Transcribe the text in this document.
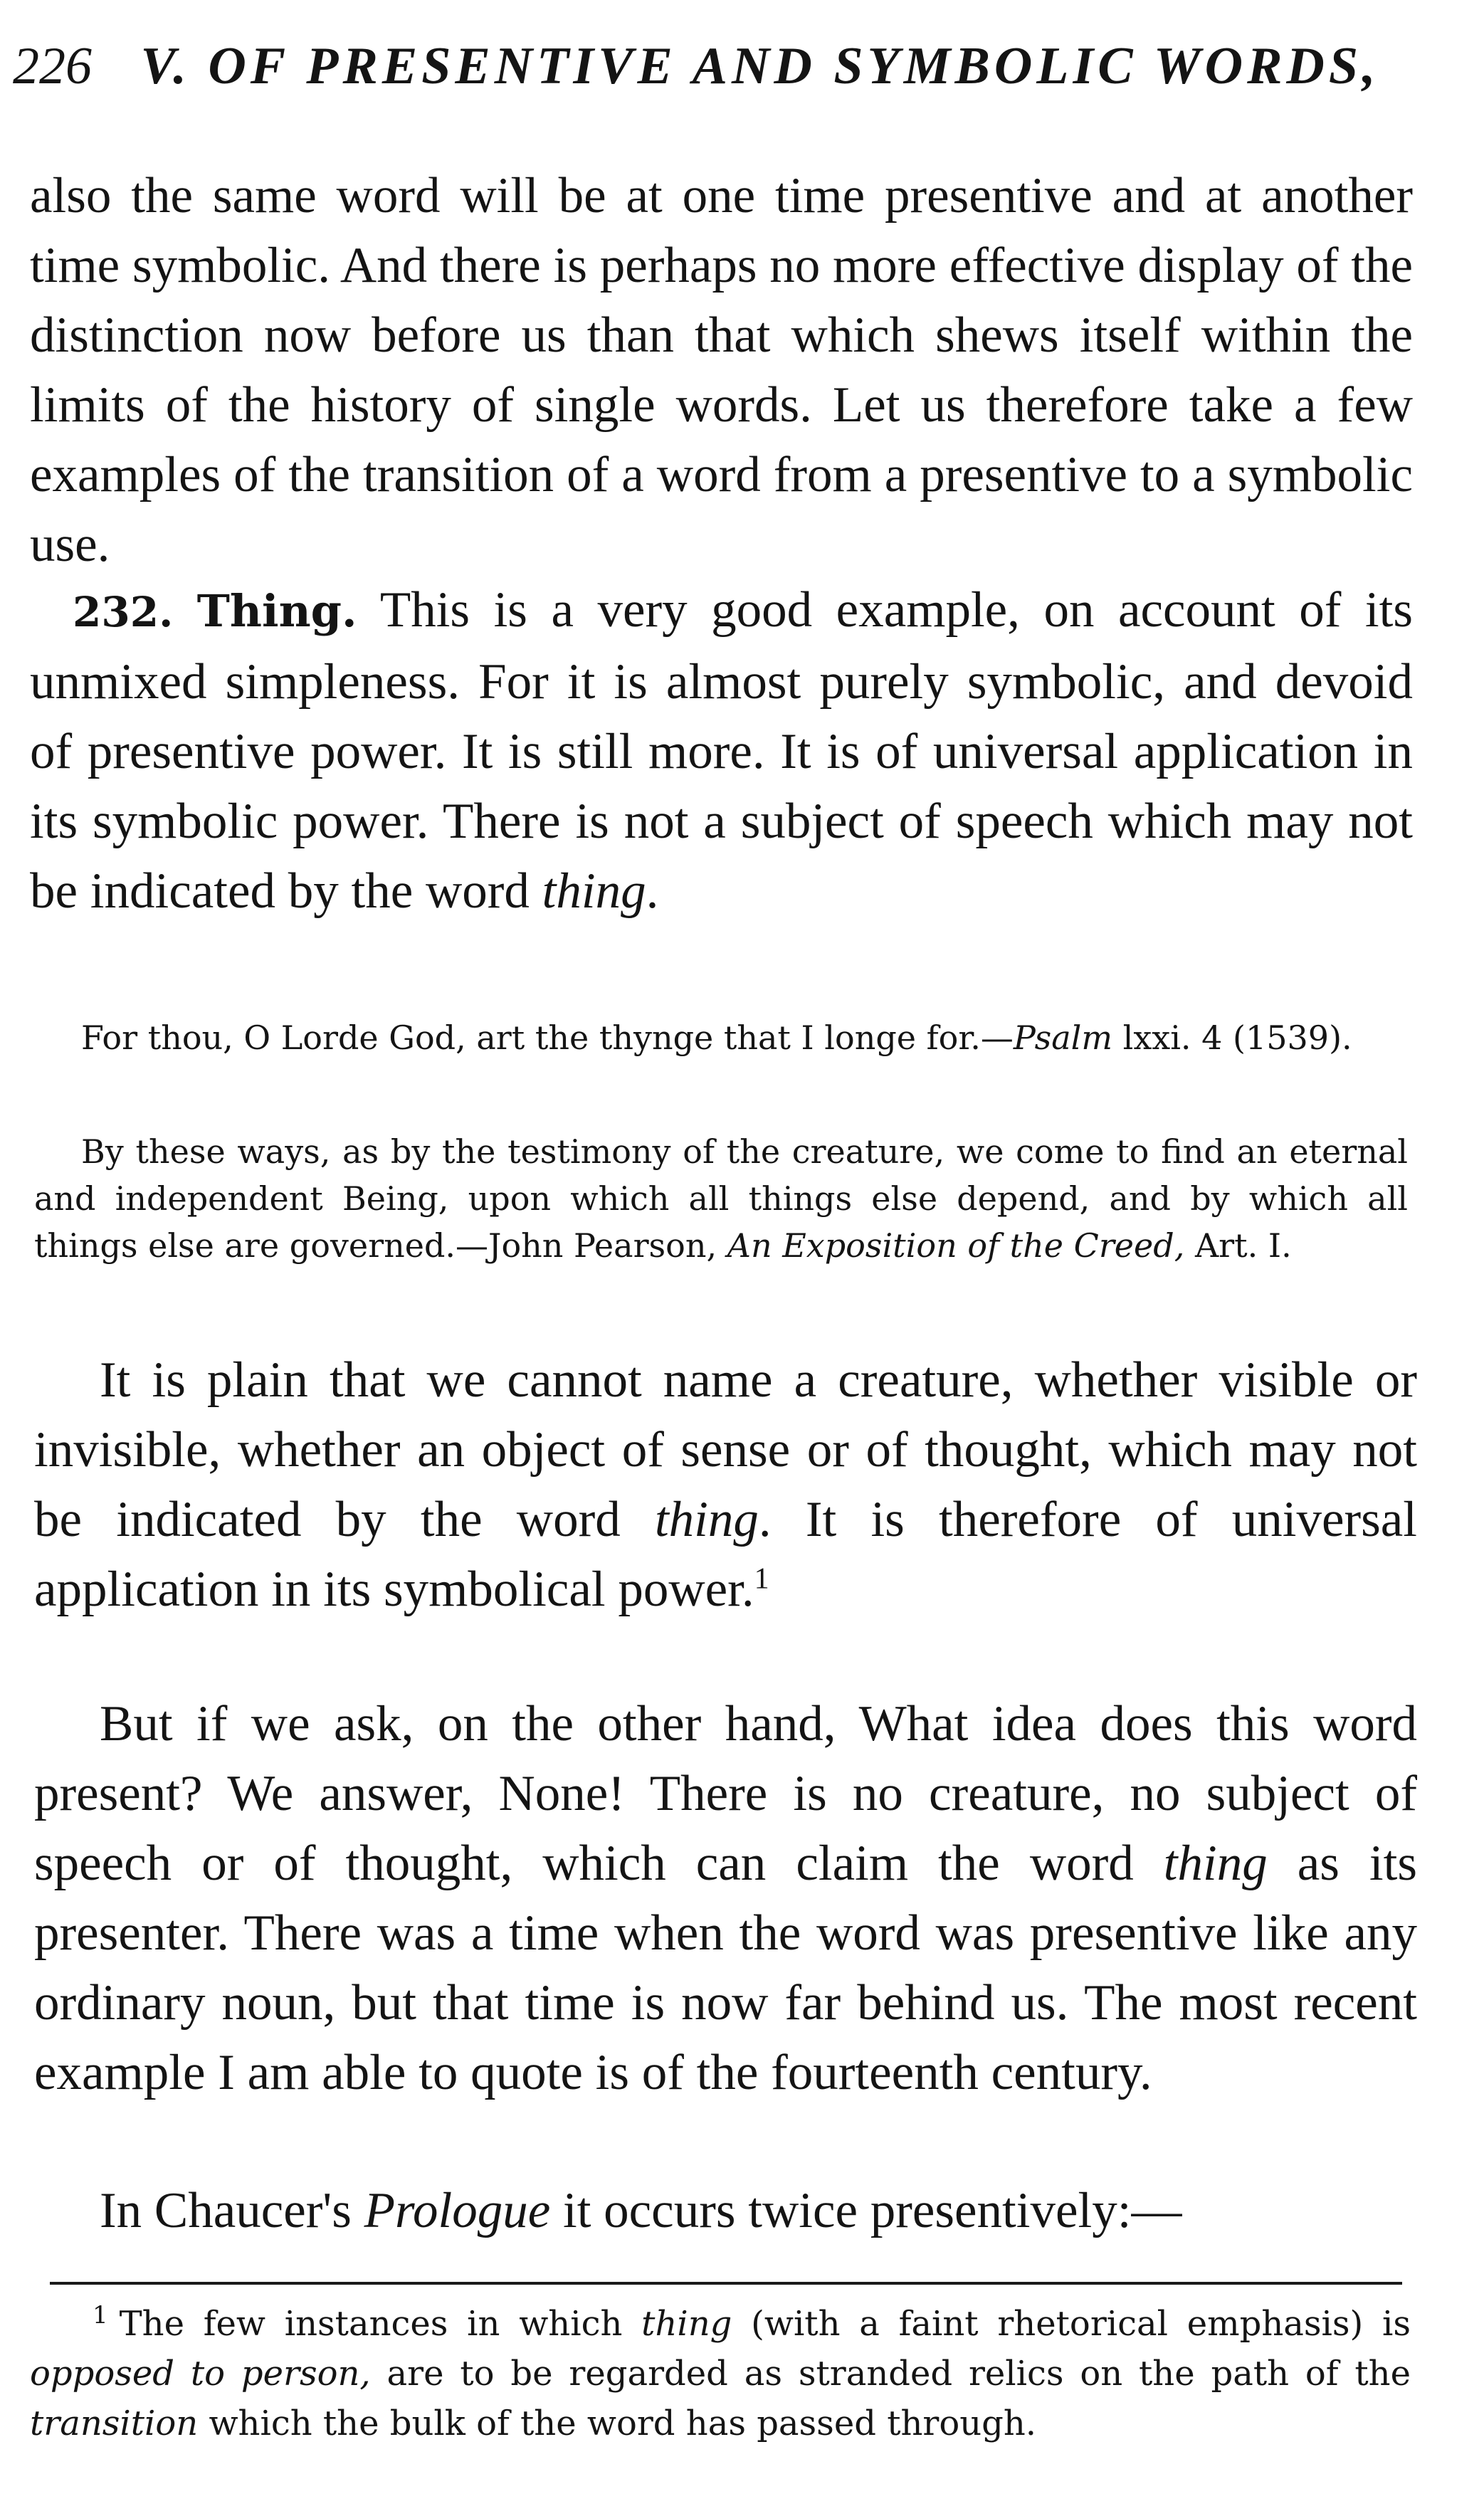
226 V. OF PRESENTIVE AND SYMBOLIC WORDS,

also the same word will be at one time presentive and at another time symbolic. And there is perhaps no more effective display of the distinction now before us than that which shews itself within the limits of the history of single words. Let us therefore take a few examples of the transition of a word from a presentive to a symbolic use.

232. Thing. This is a very good example, on account of its unmixed simpleness. For it is almost purely symbolic, and devoid of presentive power. It is still more. It is of universal application in its symbolic power. There is not a subject of speech which may not be indicated by the word thing.

For thou, O Lorde God, art the thynge that I longe for.—Psalm lxxi. 4 (1539).
By these ways, as by the testimony of the creature, we come to find an eternal and independent Being, upon which all things else depend, and by which all things else are governed.—John Pearson, An Exposition of the Creed, Art. I.

It is plain that we cannot name a creature, whether visible or invisible, whether an object of sense or of thought, which may not be indicated by the word thing. It is therefore of universal application in its symbolical power.$^1$

But if we ask, on the other hand, What idea does this word present? We answer, None! There is no creature, no subject of speech or of thought, which can claim the word thing as its presenter. There was a time when the word was presentive like any ordinary noun, but that time is now far behind us. The most recent example I am able to quote is of the fourteenth century.

In Chaucer's Prologue it occurs twice presentively:—

$^1$ The few instances in which thing (with a faint rhetorical emphasis) is opposed to person, are to be regarded as stranded relics on the path of the transition which the bulk of the word has passed through.
